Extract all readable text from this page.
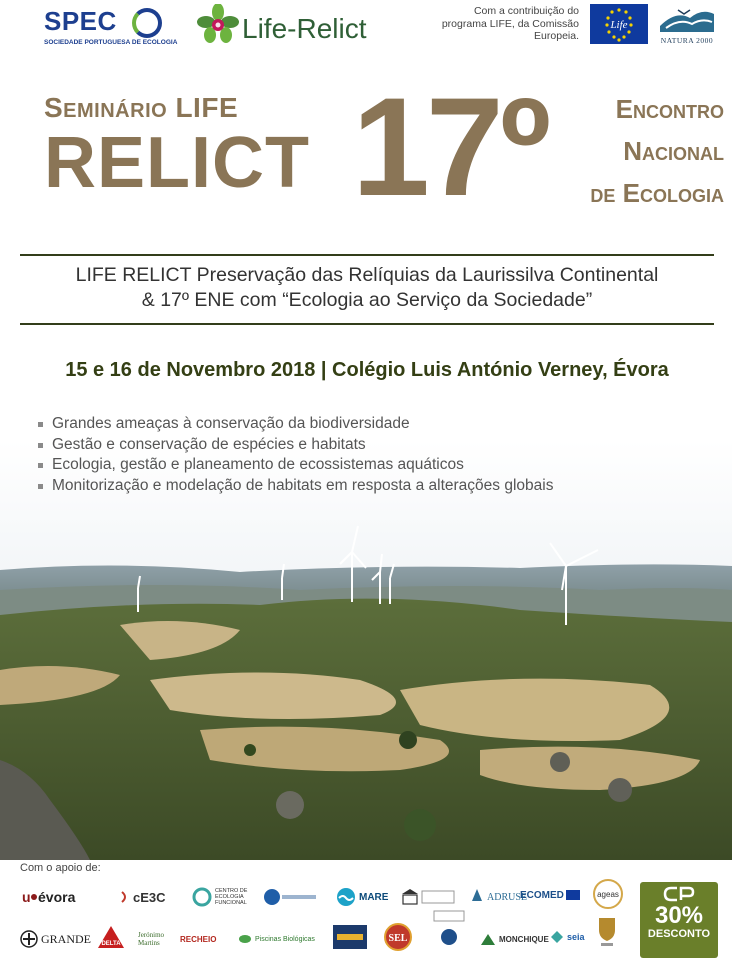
SPEC
SOCIEDADE PORTUGUESA DE ECOLOGIA Life-Relict
Com a contribuição do programa LIFE, da Comissão Europeia.
Life
NATURA 2000
Seminário LIFE
RELICT 17º	Encontro
Nacional
de Ecologia
LIFE RELICT Preservação das Relíquias da Laurissilva Continental
& 17º ENE com “Ecologia ao Serviço da Sociedade”
15 e 16 de Novembro 2018 | Colégio Luis António Verney, Évora
Grandes ameaças à conservação da biodiversidade
Gestão e conservação de espécies e habitats
Ecologia, gestão e planeamento de ecossistemas aquáticos
Monitorização e modelação de habitats em resposta a alterações globais
Com o apoio de:
u évora	cE3C	CENTRO DE ECOLOGIA FUNCIONAL
MARE	ADRUSE
ECOMED	ageas
GRANDE DELTA
Jerónimo Martins	RECHEIO	Piscinas Biológicas	SEL	MONCHIQUE seia
30%
DESCONTO
